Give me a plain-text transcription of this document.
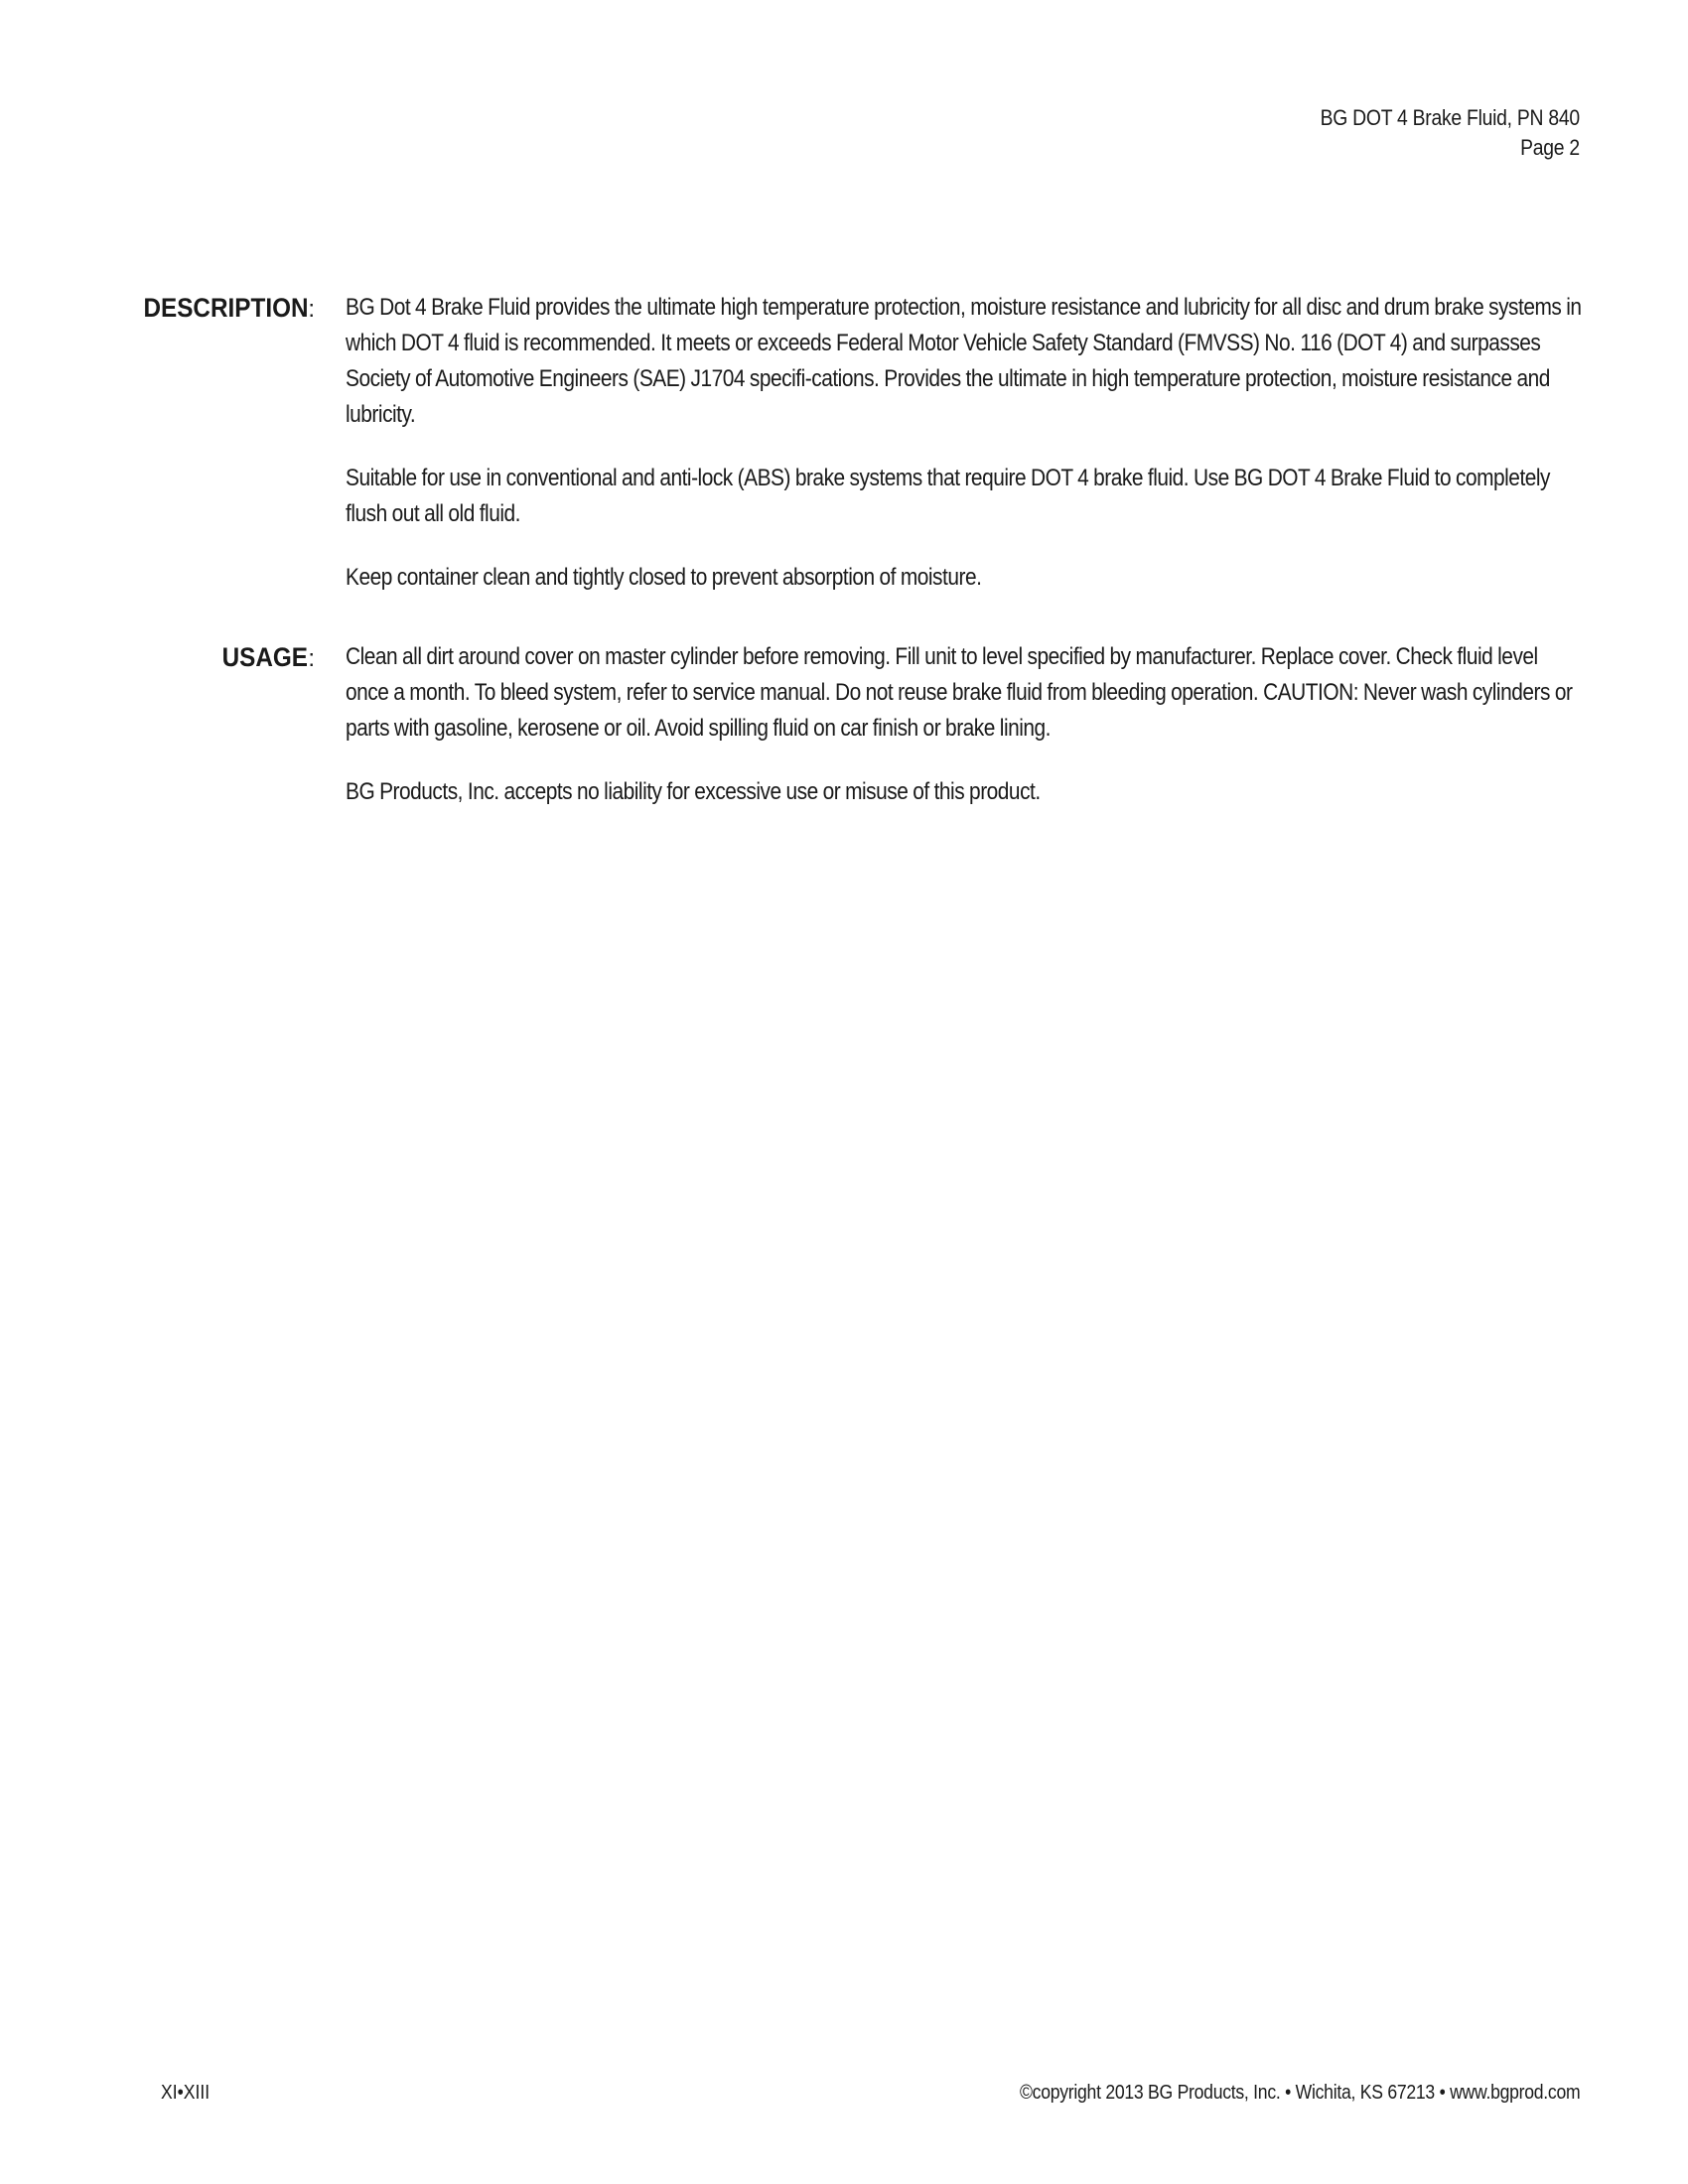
BG DOT 4 Brake Fluid, PN 840
Page 2
DESCRIPTION: BG Dot 4 Brake Fluid provides the ultimate high temperature protection, moisture resistance and lubricity for all disc and drum brake systems in which DOT 4 fluid is recommended. It meets or exceeds Federal Motor Vehicle Safety Standard (FMVSS) No. 116 (DOT 4) and surpasses Society of Automotive Engineers (SAE) J1704 specifi-cations. Provides the ultimate in high temperature protection, moisture resistance and lubricity.

Suitable for use in conventional and anti-lock (ABS) brake systems that require DOT 4 brake fluid. Use BG DOT 4 Brake Fluid to completely flush out all old fluid.

Keep container clean and tightly closed to prevent absorption of moisture.

USAGE: Clean all dirt around cover on master cylinder before removing. Fill unit to level specified by manufacturer. Replace cover. Check fluid level once a month. To bleed system, refer to service manual. Do not reuse brake fluid from bleeding operation. CAUTION: Never wash cylinders or parts with gasoline, kerosene or oil. Avoid spilling fluid on car finish or brake lining.

BG Products, Inc. accepts no liability for excessive use or misuse of this product.

XI•XIII	©copyright 2013 BG Products, Inc. • Wichita, KS 67213 • www.bgprod.com
